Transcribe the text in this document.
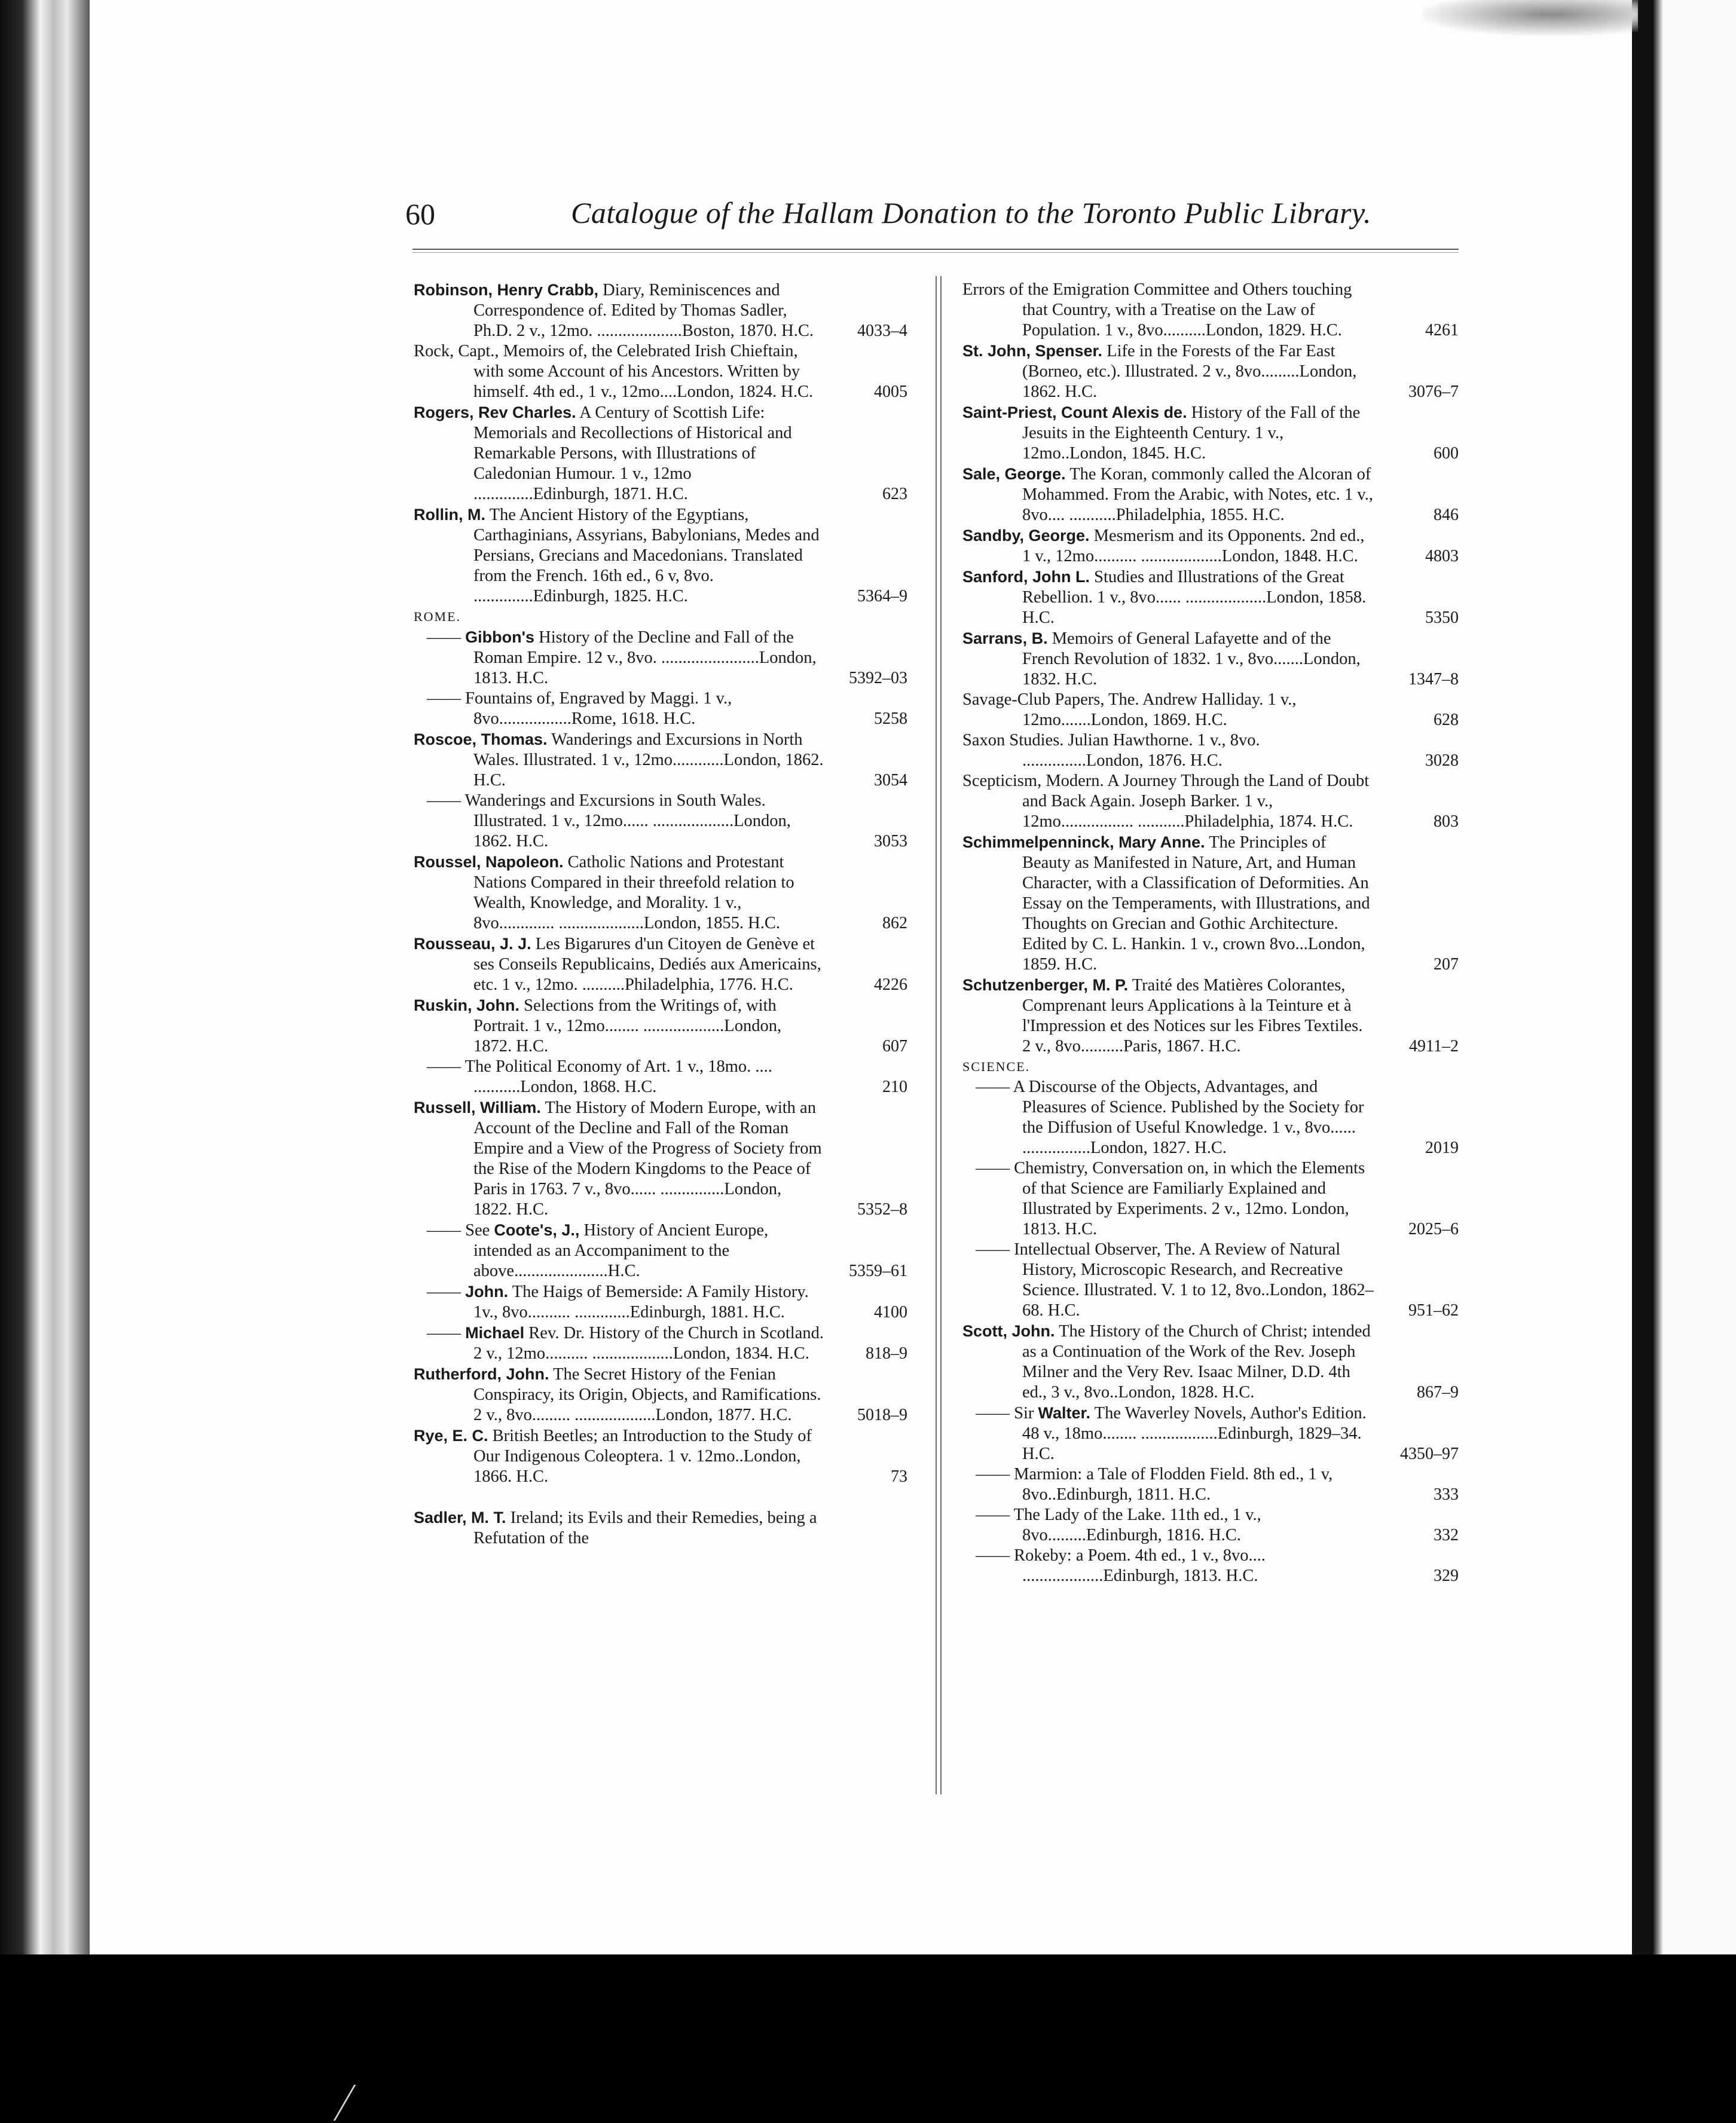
60	Catalogue of the Hallam Donation to the Toronto Public Library.
Robinson, Henry Crabb, Diary, Reminiscences and Correspondence of. Edited by Thomas Sadler, Ph.D. 2 v., 12mo. ....................Boston, 1870. H.C.	4033–4
Rock, Capt., Memoirs of, the Celebrated Irish Chieftain, with some Account of his Ancestors. Written by himself. 4th ed., 1 v., 12mo....London, 1824. H.C.	4005
Rogers, Rev Charles. A Century of Scottish Life: Memorials and Recollections of Historical and Remarkable Persons, with Illustrations of Caledonian Humour. 1 v., 12mo ..............Edinburgh, 1871. H.C.	623
Rollin, M. The Ancient History of the Egyptians, Carthaginians, Assyrians, Babylonians, Medes and Persians, Grecians and Macedonians. Translated from the French. 16th ed., 6 v, 8vo. ..............Edinburgh, 1825. H.C.	5364–9
ROME.
—— Gibbon's History of the Decline and Fall of the Roman Empire. 12 v., 8vo. .......................London, 1813. H.C.	5392–03
—— Fountains of, Engraved by Maggi. 1 v., 8vo.................Rome, 1618. H.C.	5258
Roscoe, Thomas. Wanderings and Excursions in North Wales. Illustrated. 1 v., 12mo............London, 1862. H.C.	3054
—— Wanderings and Excursions in South Wales. Illustrated. 1 v., 12mo...... ...................London, 1862. H.C.	3053
Roussel, Napoleon. Catholic Nations and Protestant Nations Compared in their threefold relation to Wealth, Knowledge, and Morality. 1 v., 8vo............. ....................London, 1855. H.C.	862
Rousseau, J. J. Les Bigarures d'un Citoyen de Genève et ses Conseils Republicains, Dediés aux Americains, etc. 1 v., 12mo. ..........Philadelphia, 1776. H.C.	4226
Ruskin, John. Selections from the Writings of, with Portrait. 1 v., 12mo........ ...................London, 1872. H.C.	607
—— The Political Economy of Art. 1 v., 18mo. .... ...........London, 1868. H.C.	210
Russell, William. The History of Modern Europe, with an Account of the Decline and Fall of the Roman Empire and a View of the Progress of Society from the Rise of the Modern Kingdoms to the Peace of Paris in 1763. 7 v., 8vo...... ...............London, 1822. H.C.	5352–8
—— See Coote's, J., History of Ancient Europe, intended as an Accompaniment to the above......................H.C.	5359–61
—— John. The Haigs of Bemerside: A Family History. 1v., 8vo.......... .............Edinburgh, 1881. H.C.	4100
—— Michael Rev. Dr. History of the Church in Scotland. 2 v., 12mo.......... ...................London, 1834. H.C.	818–9
Rutherford, John. The Secret History of the Fenian Conspiracy, its Origin, Objects, and Ramifications. 2 v., 8vo......... ...................London, 1877. H.C.	5018–9
Rye, E. C. British Beetles; an Introduction to the Study of Our Indigenous Coleoptera. 1 v. 12mo..London, 1866. H.C.	73
Sadler, M. T. Ireland; its Evils and their Remedies, being a Refutation of the
Errors of the Emigration Committee and Others touching that Country, with a Treatise on the Law of Population. 1 v., 8vo..........London, 1829. H.C.	4261
St. John, Spenser. Life in the Forests of the Far East (Borneo, etc.). Illustrated. 2 v., 8vo.........London, 1862. H.C.	3076–7
Saint-Priest, Count Alexis de. History of the Fall of the Jesuits in the Eighteenth Century. 1 v., 12mo..London, 1845. H.C.	600
Sale, George. The Koran, commonly called the Alcoran of Mohammed. From the Arabic, with Notes, etc. 1 v., 8vo.... ...........Philadelphia, 1855. H.C.	846
Sandby, George. Mesmerism and its Opponents. 2nd ed., 1 v., 12mo.......... ...................London, 1848. H.C.	4803
Sanford, John L. Studies and Illustrations of the Great Rebellion. 1 v., 8vo...... ...................London, 1858. H.C.	5350
Sarrans, B. Memoirs of General Lafayette and of the French Revolution of 1832. 1 v., 8vo.......London, 1832. H.C.	1347–8
Savage-Club Papers, The. Andrew Halliday. 1 v., 12mo.......London, 1869. H.C.	628
Saxon Studies. Julian Hawthorne. 1 v., 8vo. ...............London, 1876. H.C.	3028
Scepticism, Modern. A Journey Through the Land of Doubt and Back Again. Joseph Barker. 1 v., 12mo................. ...........Philadelphia, 1874. H.C.	803
Schimmelpenninck, Mary Anne. The Principles of Beauty as Manifested in Nature, Art, and Human Character, with a Classification of Deformities. An Essay on the Temperaments, with Illustrations, and Thoughts on Grecian and Gothic Architecture. Edited by C. L. Hankin. 1 v., crown 8vo...London, 1859. H.C.	207
Schutzenberger, M. P. Traité des Matières Colorantes, Comprenant leurs Applications à la Teinture et à l'Impression et des Notices sur les Fibres Textiles. 2 v., 8vo..........Paris, 1867. H.C.	4911–2
SCIENCE.
—— A Discourse of the Objects, Advantages, and Pleasures of Science. Published by the Society for the Diffusion of Useful Knowledge. 1 v., 8vo...... ................London, 1827. H.C.	2019
—— Chemistry, Conversation on, in which the Elements of that Science are Familiarly Explained and Illustrated by Experiments. 2 v., 12mo. London, 1813. H.C.	2025–6
—— Intellectual Observer, The. A Review of Natural History, Microscopic Research, and Recreative Science. Illustrated. V. 1 to 12, 8vo..London, 1862–68. H.C.	951–62
Scott, John. The History of the Church of Christ; intended as a Continuation of the Work of the Rev. Joseph Milner and the Very Rev. Isaac Milner, D.D. 4th ed., 3 v., 8vo..London, 1828. H.C.	867–9
—— Sir Walter. The Waverley Novels, Author's Edition. 48 v., 18mo........ ..................Edinburgh, 1829–34. H.C.	4350–97
—— Marmion: a Tale of Flodden Field. 8th ed., 1 v, 8vo..Edinburgh, 1811. H.C.	333
—— The Lady of the Lake. 11th ed., 1 v., 8vo.........Edinburgh, 1816. H.C.	332
—— Rokeby: a Poem. 4th ed., 1 v., 8vo.... ...................Edinburgh, 1813. H.C.	329
